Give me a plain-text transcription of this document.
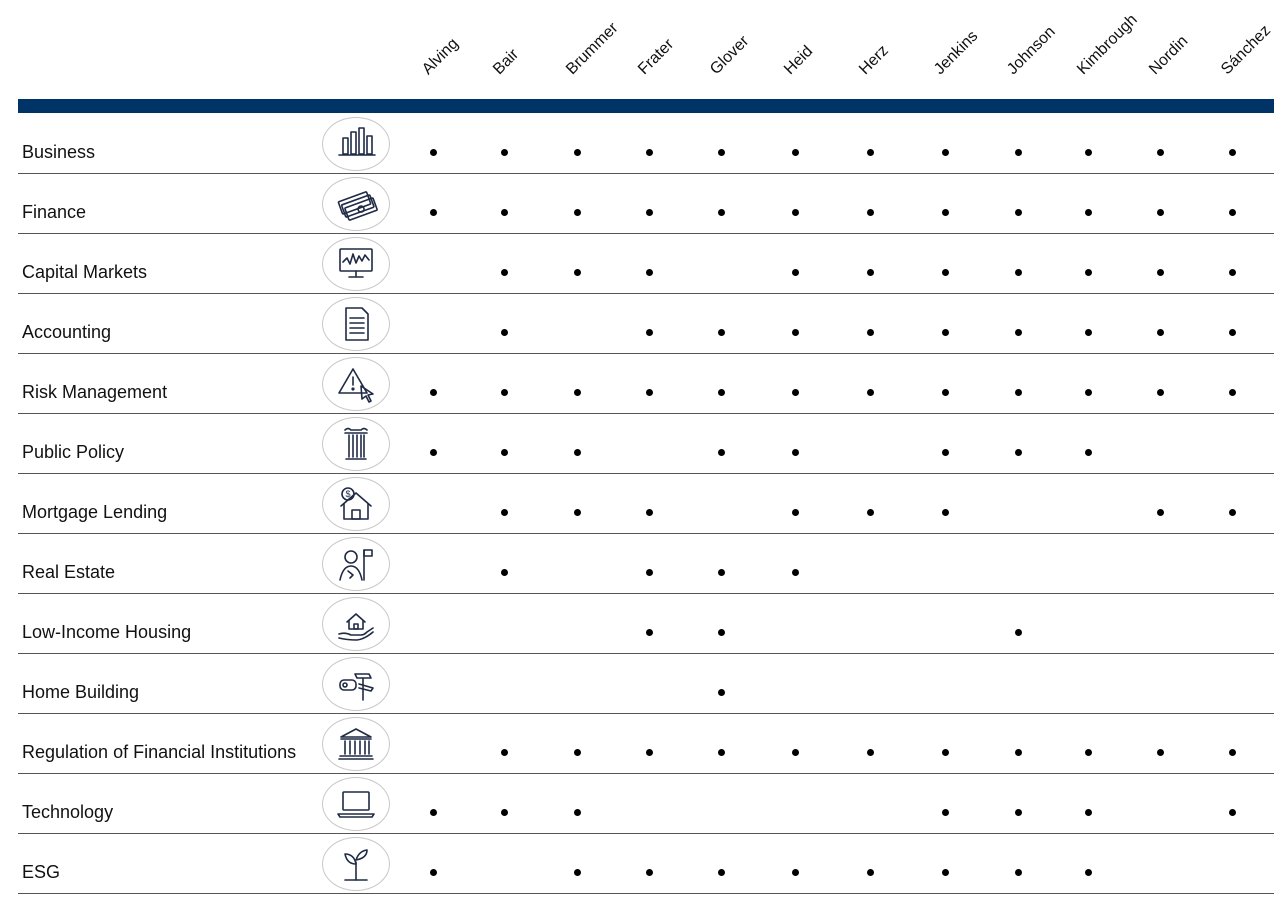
Alving Bair	Brummer Frater Glover Heid Herz Jenkins Johnson Kimbrough Nordin Sánchez
Business
Finance
Capital Markets
Accounting
Risk Management
Public Policy
Mortgage Lending
$
Real Estate
Low-Income Housing
Home Building
Regulation of Financial Institutions
Technology
ESG
